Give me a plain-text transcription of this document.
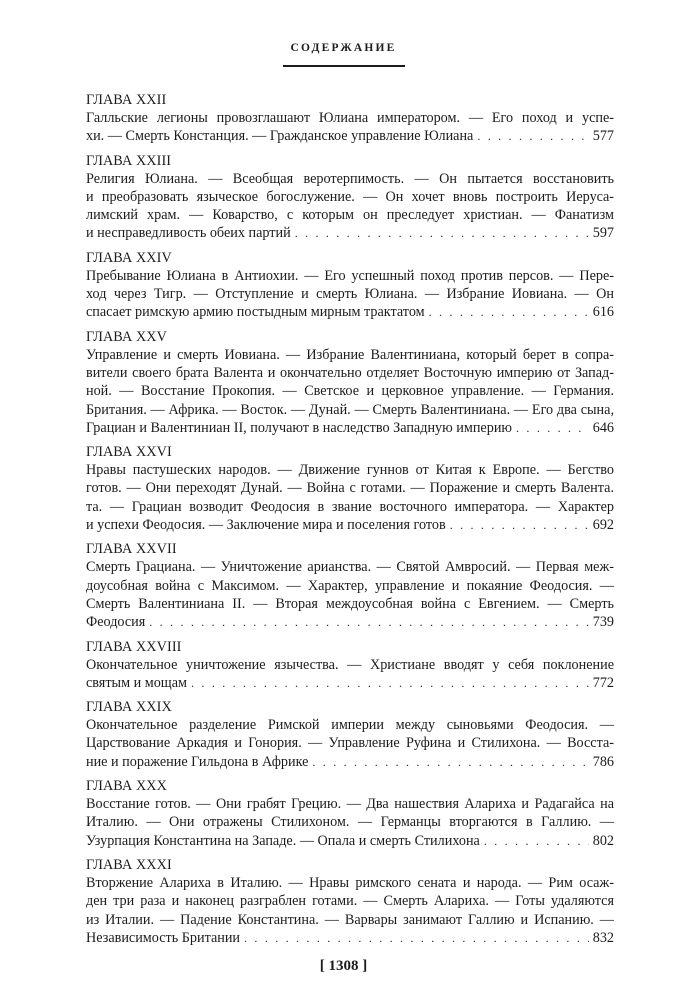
СОДЕРЖАНИЕ
ГЛАВА XXII
Галльские легионы провозглашают Юлиана императором. — Его поход и успе-
хи. — Смерть Констанция. — Гражданское управление Юлиана . . .	577
ГЛАВА XXIII
Религия Юлиана. — Всеобщая веротерпимость. — Он пытается восстановить
и преобразовать языческое богослужение. — Он хочет вновь построить Иерусa-
лимский храм. — Коварство, с которым он преследует христиан. — Фанатизм
и несправедливость обеих партий . . .	597
ГЛАВА XXIV
Пребывание Юлиана в Антиохии. — Его успешный поход против персов. — Пере-
ход через Тигр. — Отступление и смерть Юлиана. — Избрание Иовиана. — Он
спасает римскую армию постыдным мирным трактатом . . .	616
ГЛАВА XXV
Управление и смерть Иовиана. — Избрание Валентиниана, который берет в сопра-
вители своего брата Валента и окончательно отделяет Восточную империю от Запад-
ной. — Восстание Прокопия. — Светское и церковное управление. — Германия.
Британия. — Африка. — Восток. — Дунай. — Смерть Валентиниана. — Его два сына,
Грациан и Валентиниан II, получают в наследство Западную империю . . .	646
ГЛАВА XXVI
Нравы пастушеских народов. — Движение гуннов от Китая к Европе. — Бегство
готов. — Они переходят Дунай. — Война с готами. — Поражение и смерть Валента.
та. — Грациан возводит Феодосия в звание восточного императора. — Характер
и успехи Феодосия. — Заключение мира и поселения готов . . .	692
ГЛАВА XXVII
Смерть Грациана. — Уничтожение арианства. — Святой Амвросий. — Первая меж-
доусобная война с Максимом. — Характер, управление и покаяние Феодосия. —
Смерть Валентиниана II. — Вторая междоусобная война с Евгением. — Смерть
Феодосия . . .	739
ГЛАВА XXVIII
Окончательное уничтожение язычества. — Христиане вводят у себя поклонение
святым и мощам . . .	772
ГЛАВА XXIX
Окончательное разделение Римской империи между сыновьями Феодосия. —
Царствование Аркадия и Гонория. — Управление Руфина и Стилихона. — Восста-
ние и поражение Гильдона в Африке . . .	786
ГЛАВА XXX
Восстание готов. — Они грабят Грецию. — Два нашествия Алариха и Радагайса на
Италию. — Они отражены Стилихоном. — Германцы вторгаются в Галлию. —
Узурпация Константина на Западе. — Опала и смерть Стилихона . . .	802
ГЛАВА XXXI
Вторжение Алариха в Италию. — Нравы римского сената и народа. — Рим осаж-
ден три раза и наконец разграблен готами. — Смерть Алариха. — Готы удаляются
из Италии. — Падение Константина. — Варвары занимают Галлию и Испанию. —
Независимость Британии . . .	832
[ 1308 ]
